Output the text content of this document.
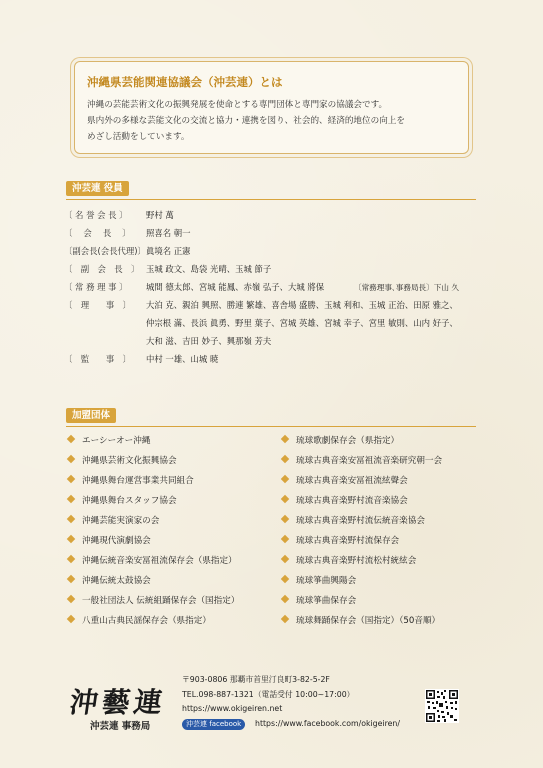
沖縄県芸能関連協議会（沖芸連）とは
沖縄の芸能芸術文化の振興発展を使命とする専門団体と専門家の協議会です。
県内外の多様な芸能文化の交流と協力・連携を図り、社会的、経済的地位の向上を
めざし活動をしています。
沖芸連 役員
〔 名 誉 会 長 〕 野村 萬
〔　 会　 長　 〕 照喜名 朝一
〔副会長(会長代理)〕 眞境名 正憲
〔　副　会　長　〕 玉城 政文、島袋 光晴、玉城 節子
〔 常 務 理 事 〕 城間 德太郎、宮城 能鳳、赤嶺 弘子、大城 將保	〔常務理事､事務局長〕下山 久
〔　理　　事　〕 大泊 克、親泊 興照、勝連 繁雄、喜舎場 盛勝、玉城 利和、玉城 正治、田原 雅之、
仲宗根 滿、長浜 眞勇、野里 葉子、宮城 英雄、宮城 幸子、宮里 敏則、山内 好子、
大和 滋、吉田 妙子、興那嶺 芳夫
〔　監　　事　〕 中村 一雄、山城 暁
加盟団体
エーシーオー沖縄
沖縄県芸術文化振興協会
沖縄県舞台運営事業共同組合
沖縄県舞台スタッフ協会
沖縄芸能実演家の会
沖縄現代演劇協会
沖縄伝統音楽安冨祖流保存会（県指定）
沖縄伝統太鼓協会
一般社団法人 伝統組踊保存会（国指定）
八重山古典民謡保存会（県指定）
琉球歌劇保存会（県指定）
琉球古典音楽安冨祖流音楽研究朝一会
琉球古典音楽安冨祖流絃聲会
琉球古典音楽野村流音楽協会
琉球古典音楽野村流伝統音楽協会
琉球古典音楽野村流保存会
琉球古典音楽野村流松村統絃会
琉球箏曲興陽会
琉球箏曲保存会
琉球舞踊保存会（国指定）（50音順）
沖藝連
沖芸連 事務局
〒903-0806 那覇市首里汀良町3-82-5-2F
TEL.098-887-1321（電話受付 10:00~17:00）
https://www.okigeiren.net
沖芸連 facebook	https://www.facebook.com/okigeiren/
